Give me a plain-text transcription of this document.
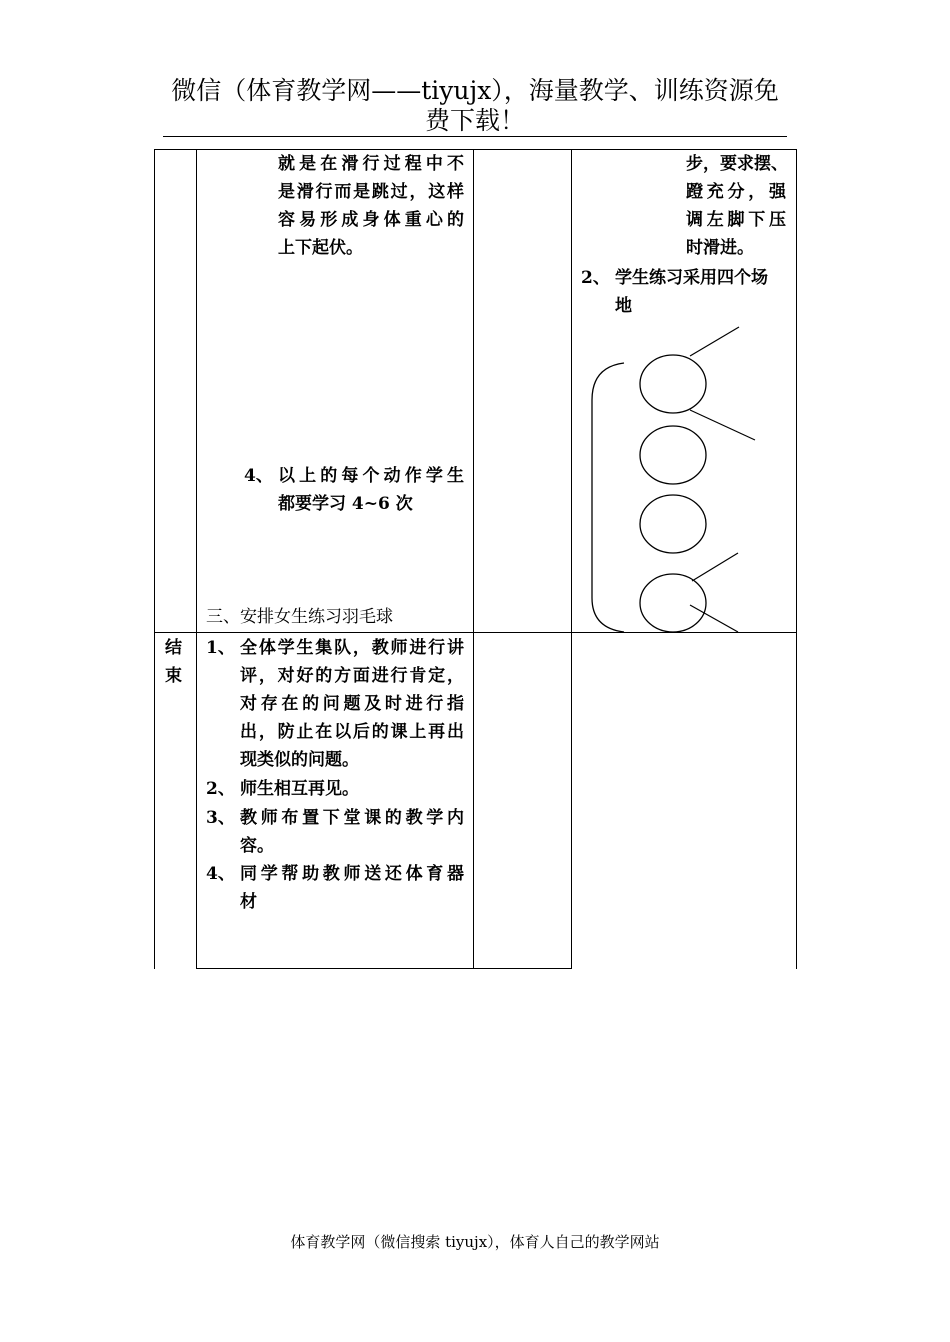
微信（体育教学网——tiyujx），海量教学、训练资源免
费下载！
就是在滑行过程中不
是滑行而是跳过，这样
容易形成身体重心的
上下起伏。
4、 以上的每个动作学生
都要学习 4~6 次
三、安排女生练习羽毛球
步，要求摆、
蹬充分，强
调左脚下压
时滑进。
2、 学生练习采用四个场
地
结
束
1、 全体学生集队，教师进行讲
评，对好的方面进行肯定，
对存在的问题及时进行指
出，防止在以后的课上再出
现类似的问题。
2、 师生相互再见。
3、 教师布置下堂课的教学内
容。
4、 同学帮助教师送还体育器
材
体育教学网（微信搜索 tiyujx），体育人自己的教学网站
